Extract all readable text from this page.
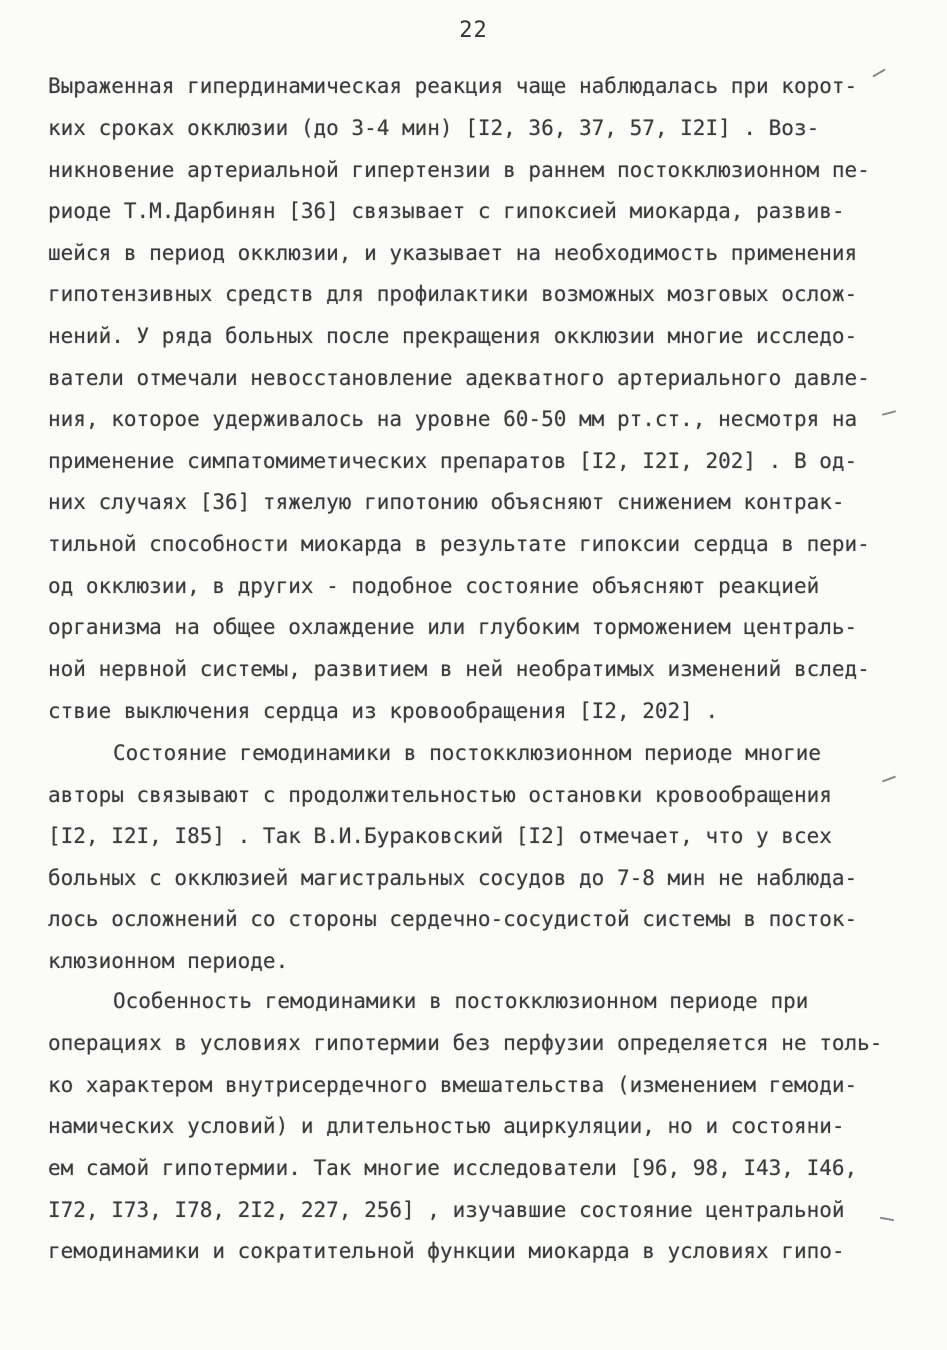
22
Выраженная гипердинамическая реакция чаще наблюдалась при корот-
ких сроках окклюзии (до 3-4 мин) [I2, 36, 37, 57, I2I] . Воз-
никновение артериальной гипертензии в раннем постокклюзионном пе-
риоде Т.М.Дарбинян [36] связывает с гипоксией миокарда, развив-
шейся в период окклюзии, и указывает на необходимость применения
гипотензивных средств для профилактики возможных мозговых ослож-
нений. У ряда больных после прекращения окклюзии многие исследо-
ватели отмечали невосстановление адекватного артериального давле-
ния, которое удерживалось на уровне 60-50 мм рт.ст., несмотря на
применение симпатомиметических препаратов [I2, I2I, 202] . В од-
них случаях [36] тяжелую гипотонию объясняют снижением контрак-
тильной способности миокарда в результате гипоксии сердца в пери-
од окклюзии, в других - подобное состояние объясняют реакцией
организма на общее охлаждение или глубоким торможением централь-
ной нервной системы, развитием в ней необратимых изменений вслед-
ствие выключения сердца из кровообращения [I2, 202] .
Состояние гемодинамики в постокклюзионном периоде многие
авторы связывают с продолжительностью остановки кровообращения
[I2, I2I, I85] . Так В.И.Бураковский [I2] отмечает, что у всех
больных с окклюзией магистральных сосудов до 7-8 мин не наблюда-
лось осложнений со стороны сердечно-сосудистой системы в посток-
клюзионном периоде.
Особенность гемодинамики в постокклюзионном периоде при
операциях в условиях гипотермии без перфузии определяется не толь-
ко характером внутрисердечного вмешательства (изменением гемоди-
намических условий) и длительностью ациркуляции, но и состояни-
ем самой гипотермии. Так многие исследователи [96, 98, I43, I46,
I72, I73, I78, 2I2, 227, 256] , изучавшие состояние центральной
гемодинамики и сократительной функции миокарда в условиях гипо-
